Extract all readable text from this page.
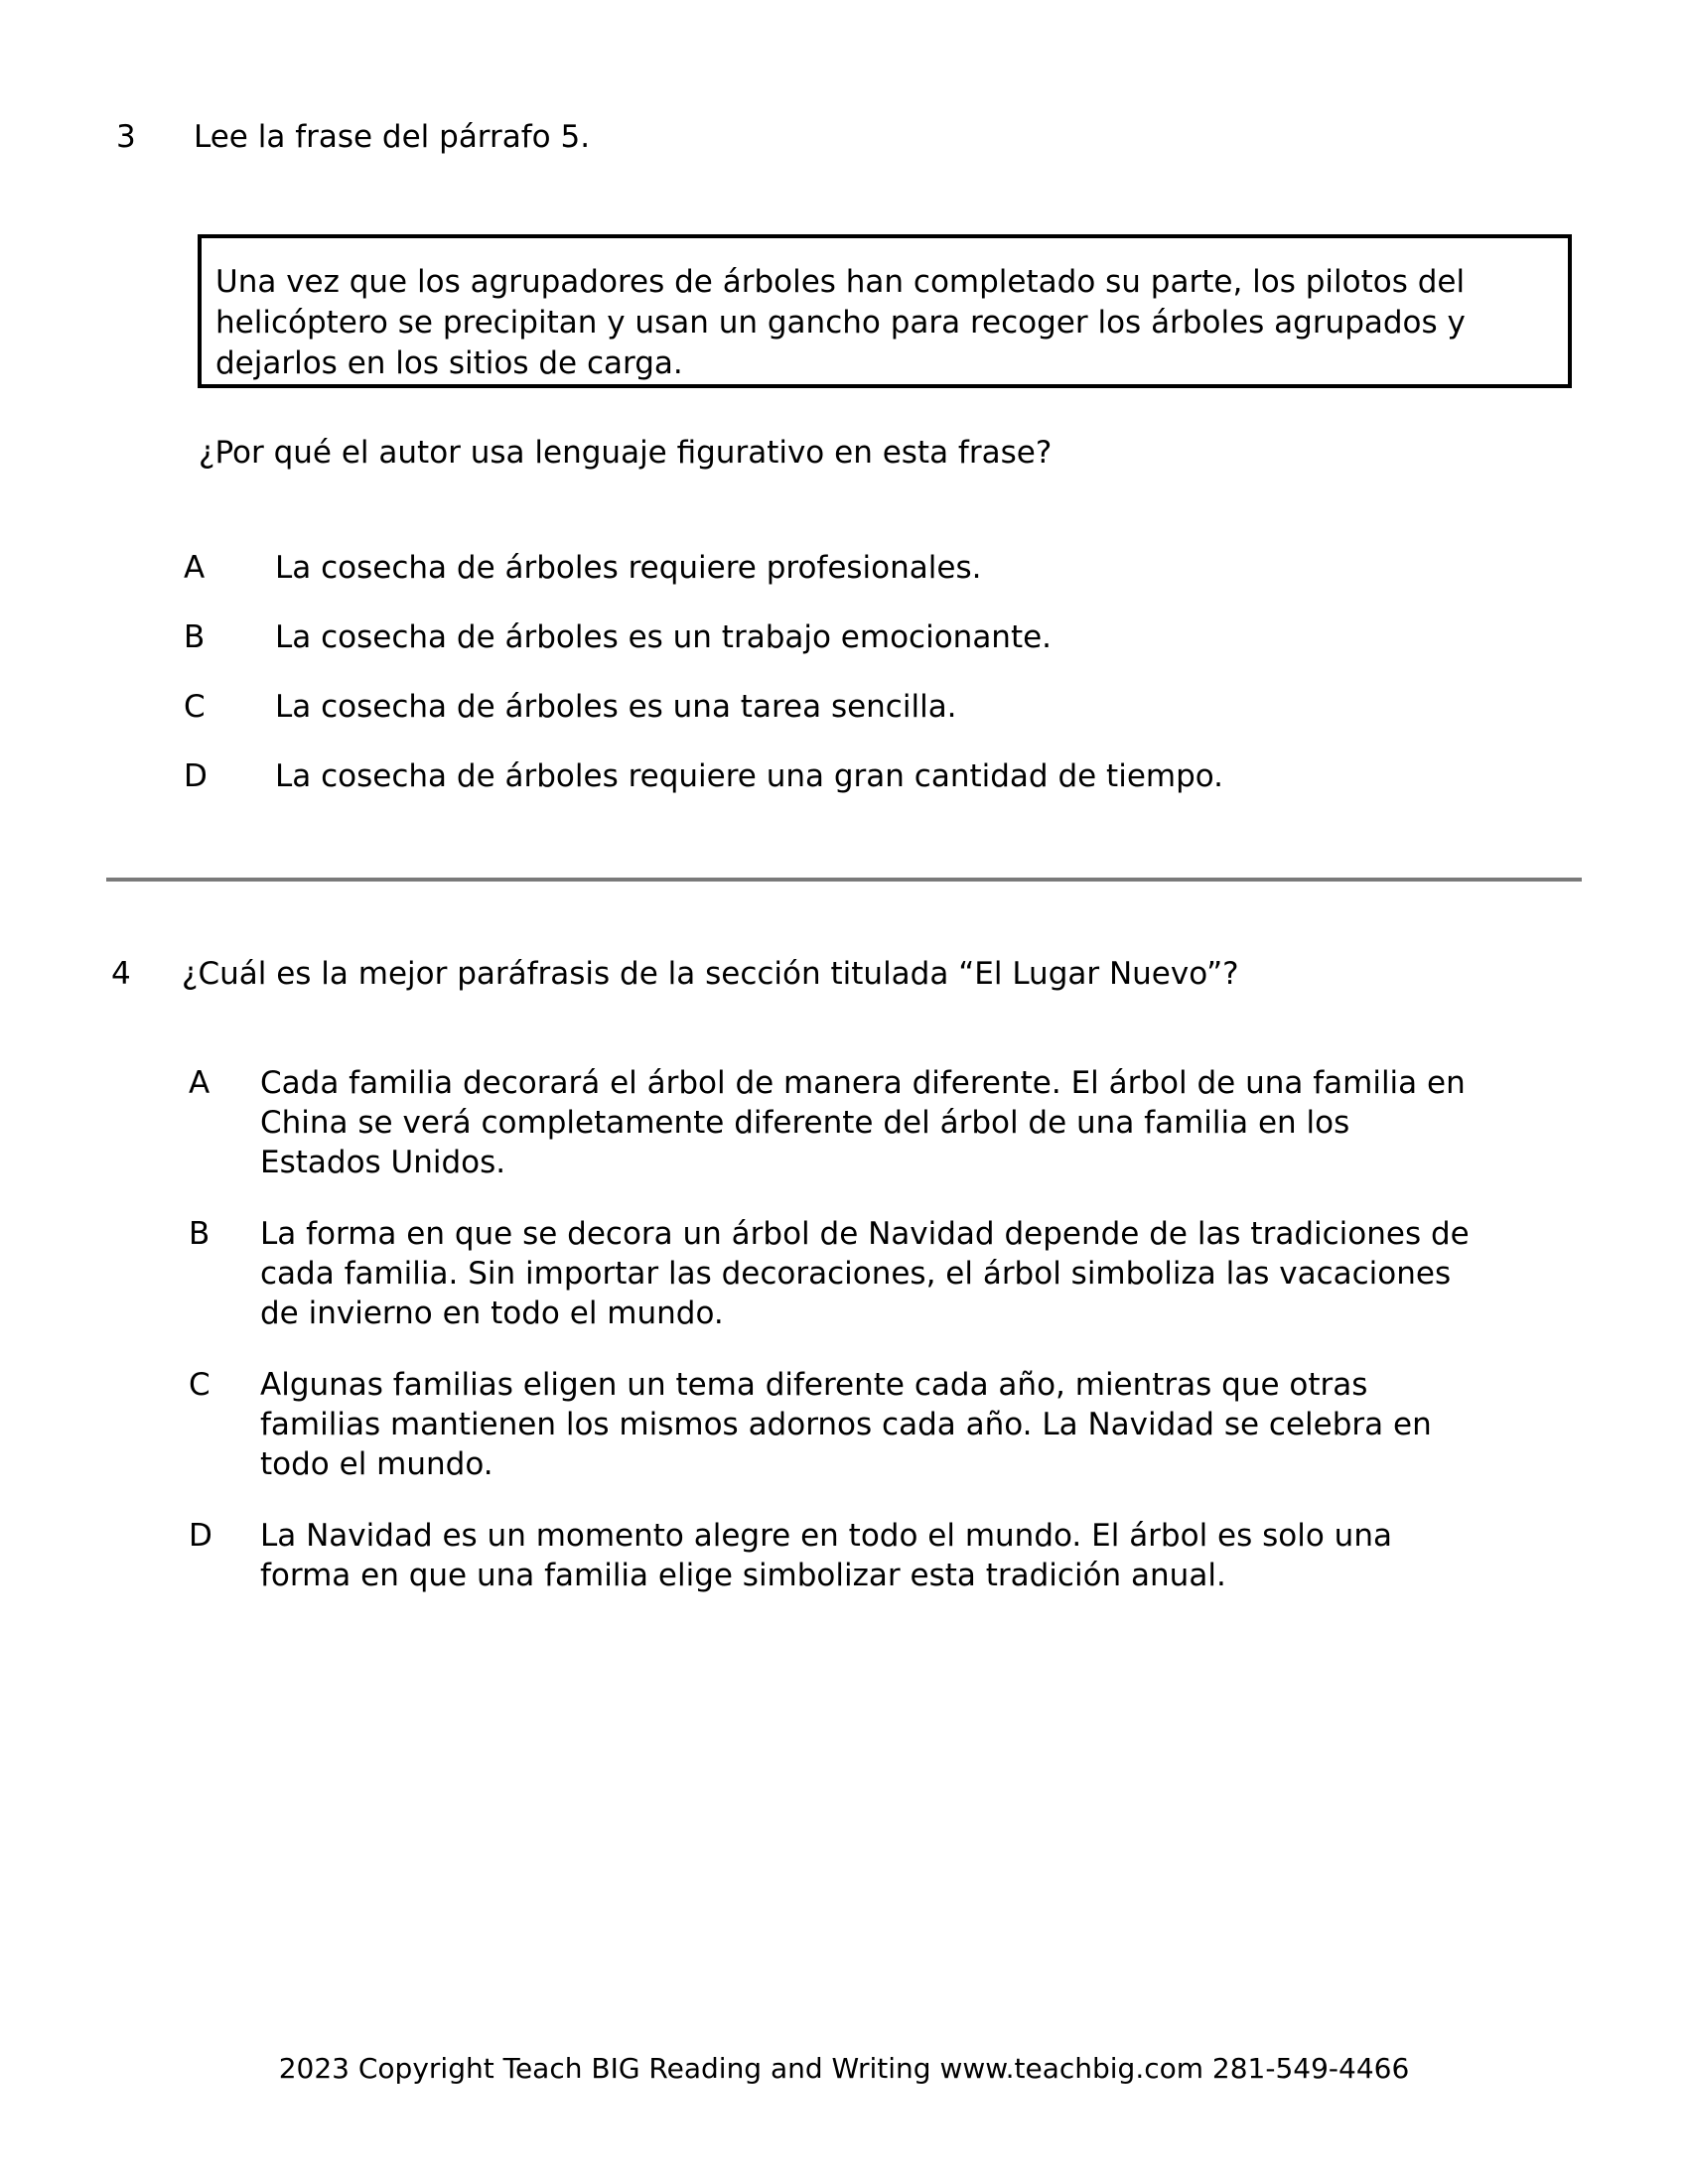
3	Lee la frase del párrafo 5.
Una vez que los agrupadores de árboles han completado su parte, los pilotos del
helicóptero se precipitan y usan un gancho para recoger los árboles agrupados y
dejarlos en los sitios de carga.
¿Por qué el autor usa lenguaje figurativo en esta frase?
A	La cosecha de árboles requiere profesionales.
B	La cosecha de árboles es un trabajo emocionante.
C	La cosecha de árboles es una tarea sencilla.
D	La cosecha de árboles requiere una gran cantidad de tiempo.
4	¿Cuál es la mejor paráfrasis de la sección titulada “El Lugar Nuevo”?
A	Cada familia decorará el árbol de manera diferente. El árbol de una familia en
China se verá completamente diferente del árbol de una familia en los
Estados Unidos.
B	La forma en que se decora un árbol de Navidad depende de las tradiciones de
cada familia. Sin importar las decoraciones, el árbol simboliza las vacaciones
de invierno en todo el mundo.
C	Algunas familias eligen un tema diferente cada año, mientras que otras
familias mantienen los mismos adornos cada año. La Navidad se celebra en
todo el mundo.
D	La Navidad es un momento alegre en todo el mundo. El árbol es solo una
forma en que una familia elige simbolizar esta tradición anual.
2023 Copyright Teach BIG Reading and Writing www.teachbig.com 281-549-4466
